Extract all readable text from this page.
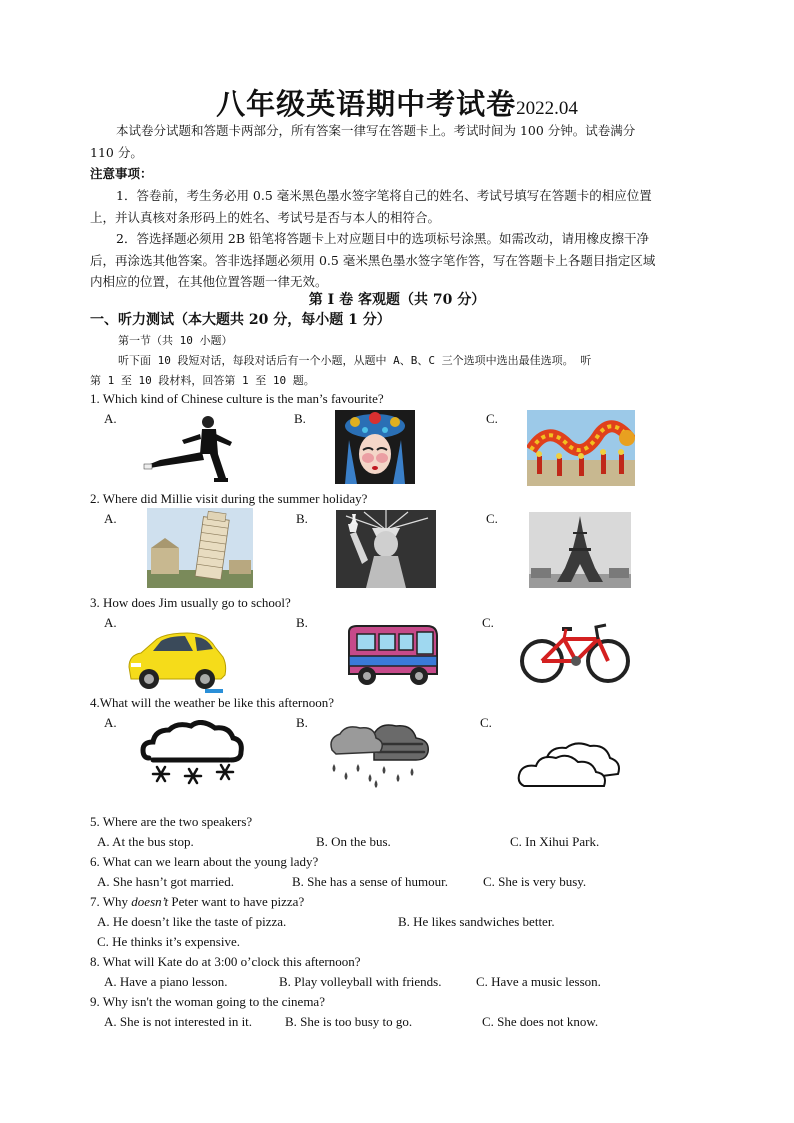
八年级英语期中考试卷2022.04
本试卷分试题和答题卡两部分，所有答案一律写在答题卡上。考试时间为 100 分钟。试卷满分
110 分。
注意事项：
1．答卷前，考生务必用 0.5 毫米黑色墨水签字笔将自己的姓名、考试号填写在答题卡的相应位置
上，并认真核对条形码上的姓名、考试号是否与本人的相符合。
2．答选择题必须用 2B 铅笔将答题卡上对应题目中的选项标号涂黑。如需改动，请用橡皮擦干净
后，再涂选其他答案。答非选择题必须用 0.5 毫米黑色墨水签字笔作答，写在答题卡上各题目指定区域
内相应的位置，在其他位置答题一律无效。
第 I 卷 客观题（共 70 分）
一、听力测试（本大题共 20 分，每小题 1 分）
第一节（共 10 小题）
听下面 10 段短对话，每段对话后有一个小题，从题中 A、B、C 三个选项中选出最佳选项。 听
第 1 至 10 段材料，回答第 1 至 10 题。
1. Which kind of Chinese culture is the man’s favourite?
A.	B.	C.
2. Where did Millie visit during the summer holiday?
A.	B.	C.
3. How does Jim usually go to school?
A.	B.	C.
4.What will the weather be like this afternoon?
A.	B.	C.
5. Where are the two speakers?
A. At the bus stop.	B. On the bus.	C. In Xihui Park.
6. What can we learn about the young lady?
A. She hasn’t got married.	B. She has a sense of humour.	C. She is very busy.
7. Why doesn’t Peter want to have pizza?
A. He doesn’t like the taste of pizza.	B. He likes sandwiches better.
C. He thinks it’s expensive.
8. What will Kate do at 3:00 o’clock this afternoon?
A. Have a piano lesson.	B. Play volleyball with friends.	C. Have a music lesson.
9. Why isn't the woman going to the cinema?
A. She is not interested in it.	B. She is too busy to go.	C. She does not know.
